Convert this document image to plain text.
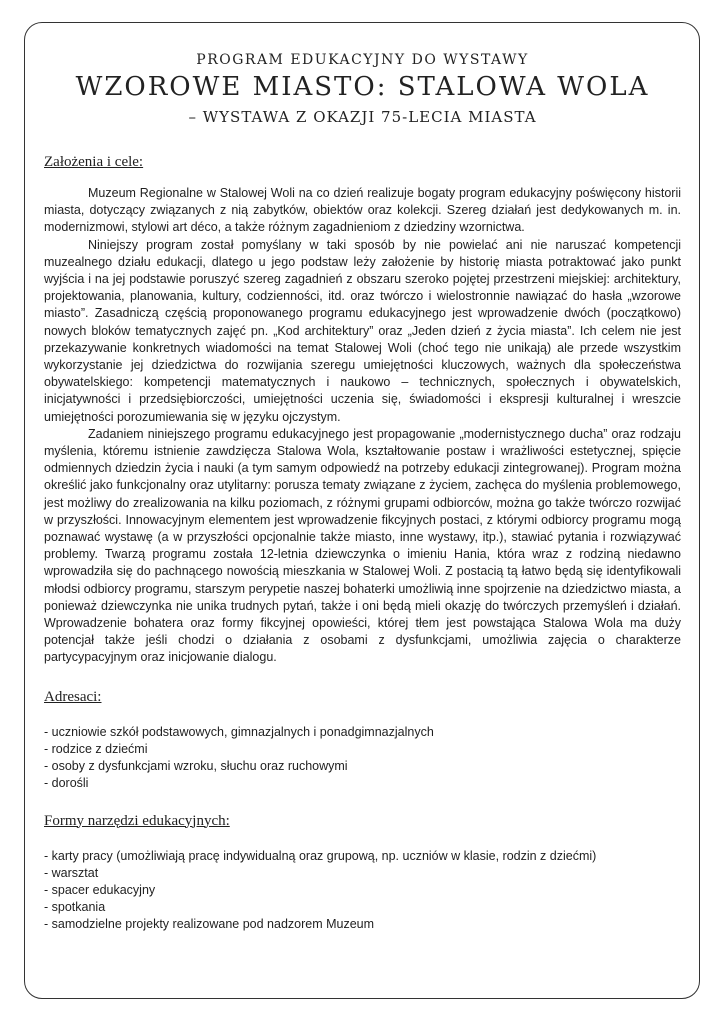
PROGRAM EDUKACYJNY DO WYSTAWY
WZOROWE MIASTO: STALOWA WOLA
– WYSTAWA Z OKAZJI 75-LECIA MIASTA
Założenia i cele:

Muzeum Regionalne w Stalowej Woli na co dzień realizuje bogaty program edukacyjny poświęcony historii miasta, dotyczący związanych z nią zabytków, obiektów oraz kolekcji. Szereg działań jest dedykowanych m. in. modernizmowi, stylowi art déco, a także różnym zagadnieniom z dziedziny wzornictwa.

Niniejszy program został pomyślany w taki sposób by nie powielać ani nie naruszać kompetencji muzealnego działu edukacji, dlatego u jego podstaw leży założenie by historię miasta potraktować jako punkt wyjścia i na jej podstawie poruszyć szereg zagadnień z obszaru szeroko pojętej przestrzeni miejskiej: architektury, projektowania, planowania, kultury, codzienności, itd. oraz twórczo i wielostronnie nawiązać do hasła „wzorowe miasto”. Zasadniczą częścią proponowanego programu edukacyjnego jest wprowadzenie dwóch (początkowo) nowych bloków tematycznych zajęć pn. „Kod architektury” oraz „Jeden dzień z życia miasta”. Ich celem nie jest przekazywanie konkretnych wiadomości na temat Stalowej Woli (choć tego nie unikają) ale przede wszystkim wykorzystanie jej dziedzictwa do rozwijania szeregu umiejętności kluczowych, ważnych dla społeczeństwa obywatelskiego: kompetencji matematycznych i naukowo – technicznych, społecznych i obywatelskich, inicjatywności i przedsiębiorczości, umiejętności uczenia się, świadomości i ekspresji kulturalnej i wreszcie umiejętności porozumiewania się w języku ojczystym.

Zadaniem niniejszego programu edukacyjnego jest propagowanie „modernistycznego ducha” oraz rodzaju myślenia, któremu istnienie zawdzięcza Stalowa Wola, kształtowanie postaw i wrażliwości estetycznej, spięcie odmiennych dziedzin życia i nauki (a tym samym odpowiedź na potrzeby edukacji zintegrowanej). Program można określić jako funkcjonalny oraz utylitarny: porusza tematy związane z życiem, zachęca do myślenia problemowego, jest możliwy do zrealizowania na kilku poziomach, z różnymi grupami odbiorców, można go także twórczo rozwijać w przyszłości. Innowacyjnym elementem jest wprowadzenie fikcyjnych postaci, z którymi odbiorcy programu mogą poznawać wystawę (a w przyszłości opcjonalnie także miasto, inne wystawy, itp.), stawiać pytania i rozwiązywać problemy. Twarzą programu została 12-letnia dziewczynka o imieniu Hania, która wraz z rodziną niedawno wprowadziła się do pachnącego nowością mieszkania w Stalowej Woli. Z postacią tą łatwo będą się identyfikowali młodsi odbiorcy programu, starszym perypetie naszej bohaterki umożliwią inne spojrzenie na dziedzictwo miasta, a ponieważ dziewczynka nie unika trudnych pytań, także i oni będą mieli okazję do twórczych przemyśleń i działań. Wprowadzenie bohatera oraz formy fikcyjnej opowieści, której tłem jest powstająca Stalowa Wola ma duży potencjał także jeśli chodzi o działania z osobami z dysfunkcjami, umożliwia zajęcia o charakterze partycypacyjnym oraz inicjowanie dialogu.

Adresaci:

- uczniowie szkół podstawowych, gimnazjalnych i ponadgimnazjalnych

- rodzice z dziećmi

- osoby z dysfunkcjami wzroku, słuchu oraz ruchowymi

- dorośli

Formy narzędzi edukacyjnych:

- karty pracy (umożliwiają pracę indywidualną oraz grupową, np. uczniów w klasie, rodzin z dziećmi)

- warsztat

- spacer edukacyjny

- spotkania

- samodzielne projekty realizowane pod nadzorem Muzeum
